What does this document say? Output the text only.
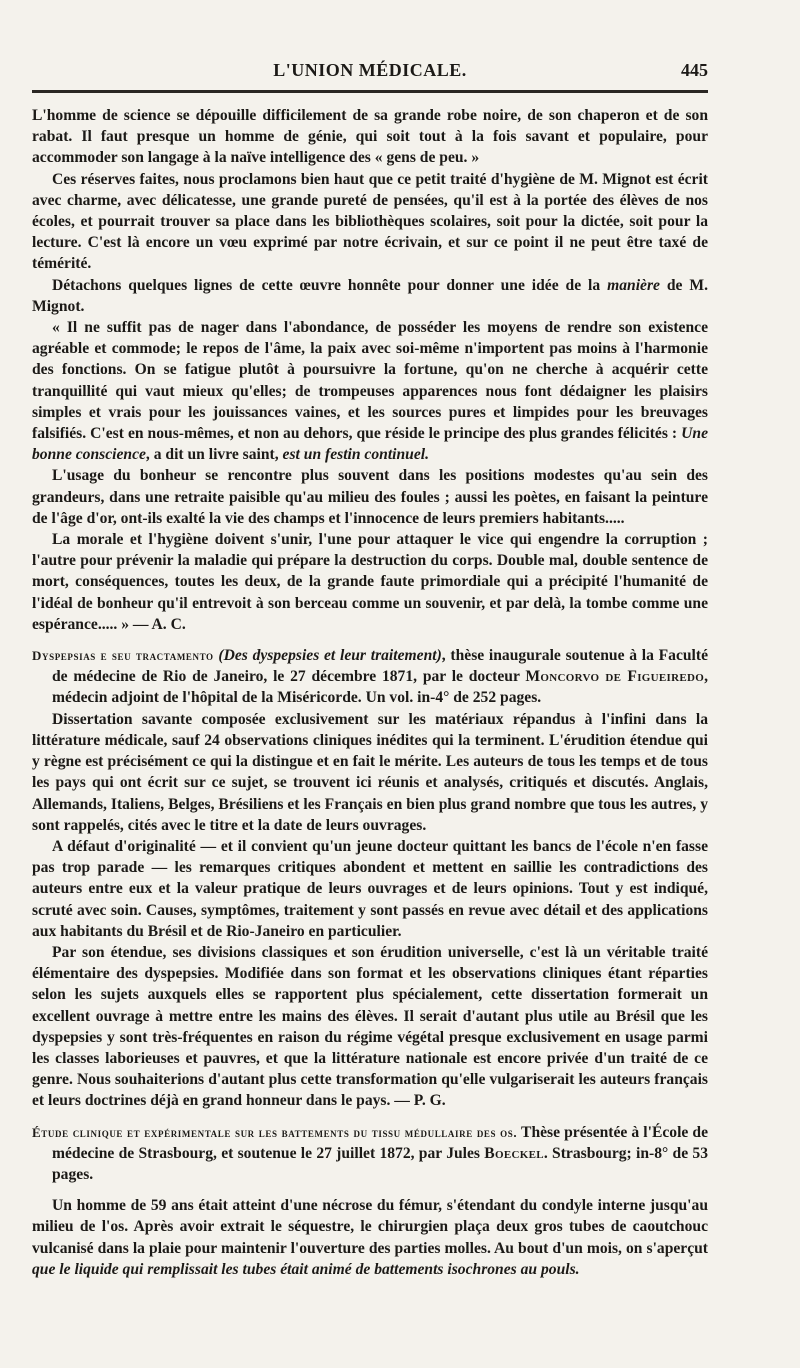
L'UNION MÉDICALE.	445

L'homme de science se dépouille difficilement de sa grande robe noire, de son chaperon et de son rabat. Il faut presque un homme de génie, qui soit tout à la fois savant et populaire, pour accommoder son langage à la naïve intelligence des « gens de peu. »

Ces réserves faites, nous proclamons bien haut que ce petit traité d'hygiène de M. Mignot est écrit avec charme, avec délicatesse, une grande pureté de pensées, qu'il est à la portée des élèves de nos écoles, et pourrait trouver sa place dans les bibliothèques scolaires, soit pour la dictée, soit pour la lecture. C'est là encore un vœu exprimé par notre écrivain, et sur ce point il ne peut être taxé de témérité.

Détachons quelques lignes de cette œuvre honnête pour donner une idée de la manière de M. Mignot.

« Il ne suffit pas de nager dans l'abondance, de posséder les moyens de rendre son existence agréable et commode; le repos de l'âme, la paix avec soi-même n'importent pas moins à l'harmonie des fonctions. On se fatigue plutôt à poursuivre la fortune, qu'on ne cherche à acquérir cette tranquillité qui vaut mieux qu'elles; de trompeuses apparences nous font dédaigner les plaisirs simples et vrais pour les jouissances vaines, et les sources pures et limpides pour les breuvages falsifiés. C'est en nous-mêmes, et non au dehors, que réside le principe des plus grandes félicités : Une bonne conscience, a dit un livre saint, est un festin continuel.

L'usage du bonheur se rencontre plus souvent dans les positions modestes qu'au sein des grandeurs, dans une retraite paisible qu'au milieu des foules ; aussi les poètes, en faisant la peinture de l'âge d'or, ont-ils exalté la vie des champs et l'innocence de leurs premiers habitants.....

La morale et l'hygiène doivent s'unir, l'une pour attaquer le vice qui engendre la corruption ; l'autre pour prévenir la maladie qui prépare la destruction du corps. Double mal, double sentence de mort, conséquences, toutes les deux, de la grande faute primordiale qui a précipité l'humanité de l'idéal de bonheur qu'il entrevoit à son berceau comme un souvenir, et par delà, la tombe comme une espérance..... » — A. C.

Dyspepsias e seu tractamento (Des dyspepsies et leur traitement), thèse inaugurale soutenue à la Faculté de médecine de Rio de Janeiro, le 27 décembre 1871, par le docteur Moncorvo de Figueiredo, médecin adjoint de l'hôpital de la Miséricorde. Un vol. in-4° de 252 pages.

Dissertation savante composée exclusivement sur les matériaux répandus à l'infini dans la littérature médicale, sauf 24 observations cliniques inédites qui la terminent. L'érudition étendue qui y règne est précisément ce qui la distingue et en fait le mérite. Les auteurs de tous les temps et de tous les pays qui ont écrit sur ce sujet, se trouvent ici réunis et analysés, critiqués et discutés. Anglais, Allemands, Italiens, Belges, Brésiliens et les Français en bien plus grand nombre que tous les autres, y sont rappelés, cités avec le titre et la date de leurs ouvrages.

A défaut d'originalité — et il convient qu'un jeune docteur quittant les bancs de l'école n'en fasse pas trop parade — les remarques critiques abondent et mettent en saillie les contradictions des auteurs entre eux et la valeur pratique de leurs ouvrages et de leurs opinions. Tout y est indiqué, scruté avec soin. Causes, symptômes, traitement y sont passés en revue avec détail et des applications aux habitants du Brésil et de Rio-Janeiro en particulier.

Par son étendue, ses divisions classiques et son érudition universelle, c'est là un véritable traité élémentaire des dyspepsies. Modifiée dans son format et les observations cliniques étant réparties selon les sujets auxquels elles se rapportent plus spécialement, cette dissertation formerait un excellent ouvrage à mettre entre les mains des élèves. Il serait d'autant plus utile au Brésil que les dyspepsies y sont très-fréquentes en raison du régime végétal presque exclusivement en usage parmi les classes laborieuses et pauvres, et que la littérature nationale est encore privée d'un traité de ce genre. Nous souhaiterions d'autant plus cette transformation qu'elle vulgariserait les auteurs français et leurs doctrines déjà en grand honneur dans le pays. — P. G.

Étude clinique et expérimentale sur les battements du tissu médullaire des os. Thèse présentée à l'École de médecine de Strasbourg, et soutenue le 27 juillet 1872, par Jules Boeckel. Strasbourg; in-8° de 53 pages.

Un homme de 59 ans était atteint d'une nécrose du fémur, s'étendant du condyle interne jusqu'au milieu de l'os. Après avoir extrait le séquestre, le chirurgien plaça deux gros tubes de caoutchouc vulcanisé dans la plaie pour maintenir l'ouverture des parties molles. Au bout d'un mois, on s'aperçut que le liquide qui remplissait les tubes était animé de battements isochrones au pouls.
